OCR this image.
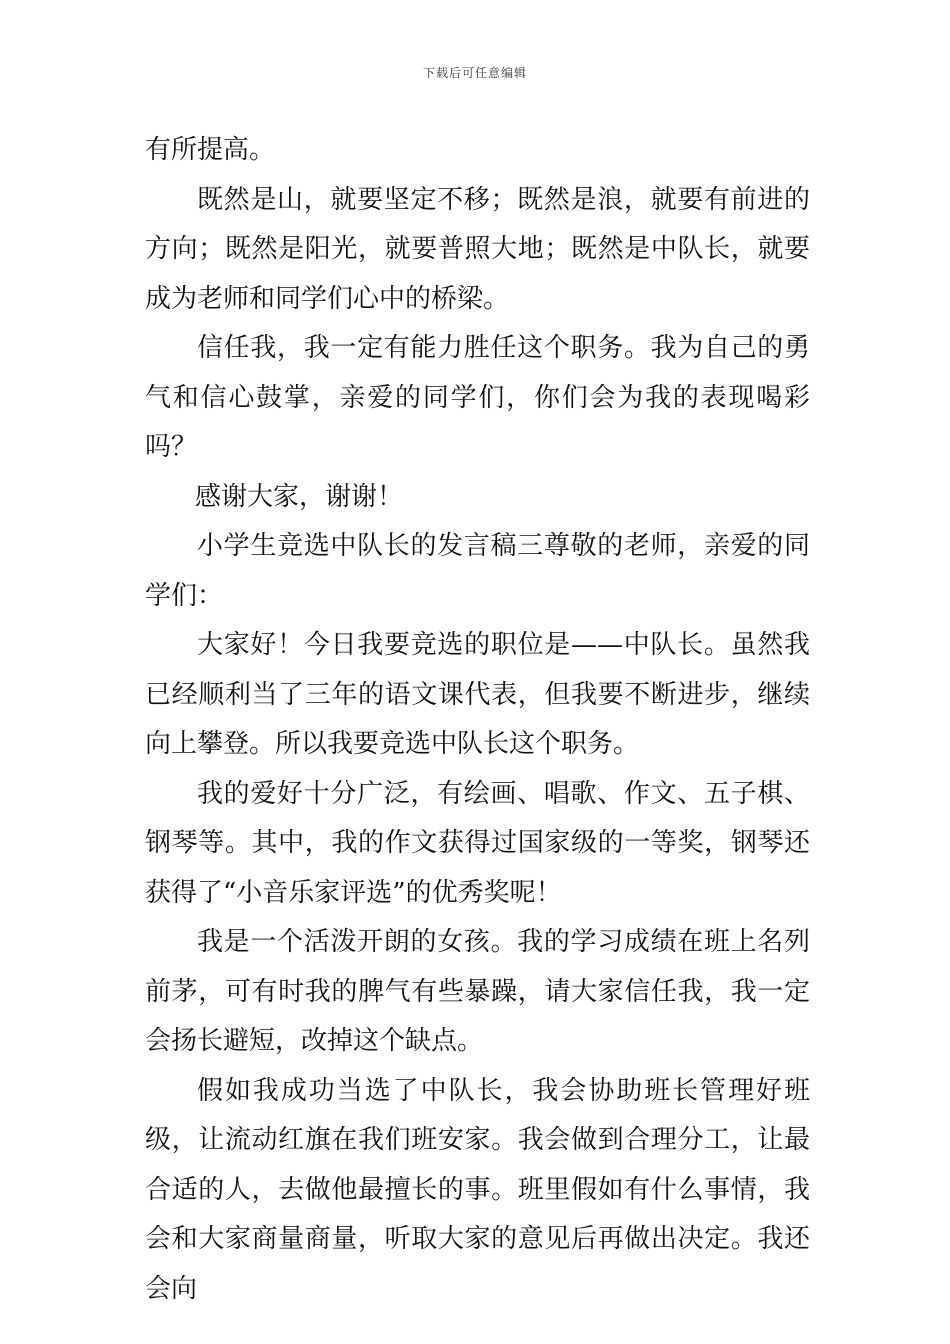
下载后可任意编辑

有所提高。

既然是山，就要坚定不移；既然是浪，就要有前进的方向；既然是阳光，就要普照大地；既然是中队长，就要成为老师和同学们心中的桥梁。

信任我，我一定有能力胜任这个职务。我为自己的勇气和信心鼓掌，亲爱的同学们，你们会为我的表现喝彩吗？

感谢大家，谢谢！

小学生竞选中队长的发言稿三尊敬的老师，亲爱的同学们：

大家好！今日我要竞选的职位是——中队长。虽然我已经顺利当了三年的语文课代表，但我要不断进步，继续向上攀登。所以我要竞选中队长这个职务。

我的爱好十分广泛，有绘画、唱歌、作文、五子棋、钢琴等。其中，我的作文获得过国家级的一等奖，钢琴还获得了“小音乐家评选”的优秀奖呢！

我是一个活泼开朗的女孩。我的学习成绩在班上名列前茅，可有时我的脾气有些暴躁，请大家信任我，我一定会扬长避短，改掉这个缺点。

假如我成功当选了中队长，我会协助班长管理好班级，让流动红旗在我们班安家。我会做到合理分工，让最合适的人，去做他最擅长的事。班里假如有什么事情，我会和大家商量商量，听取大家的意见后再做出决定。我还会向
